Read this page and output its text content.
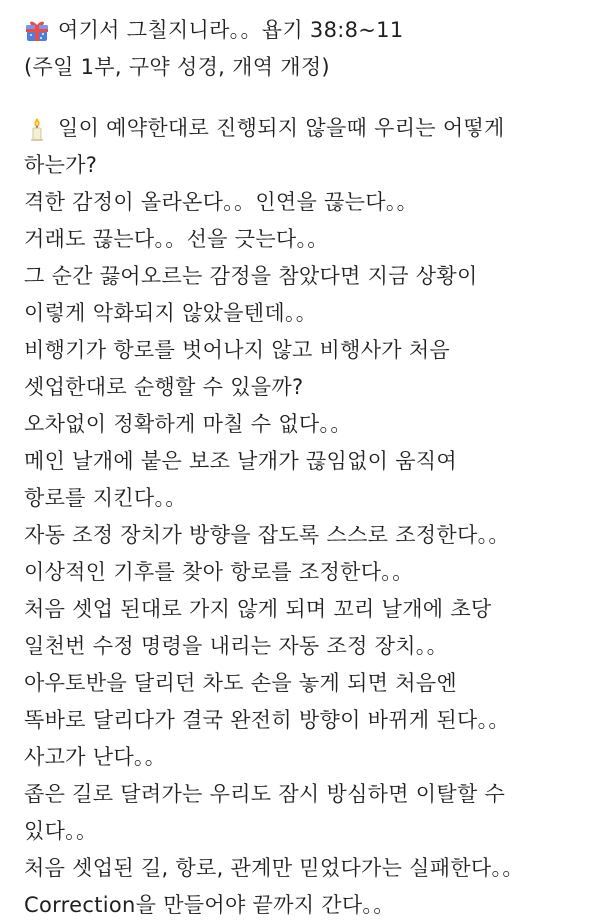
여기서 그칠지니라。。욥기 38:8~11
(주일 1부, 구약 성경, 개역 개정)
일이 예약한대로 진행되지 않을때 우리는 어떻게
하는가?
격한 감정이 올라온다。。인연을 끊는다。。
거래도 끊는다。。선을 긋는다。。
그 순간 끓어오르는 감정을 참았다면 지금 상황이
이렇게 악화되지 않았을텐데。。
비행기가 항로를 벗어나지 않고 비행사가 처음
셋업한대로 순행할 수 있을까?
오차없이 정확하게 마칠 수 없다。。
메인 날개에 붙은 보조 날개가 끊임없이 움직여
항로를 지킨다。。
자동 조정 장치가 방향을 잡도록 스스로 조정한다。。
이상적인 기후를 찾아 항로를 조정한다。。
처음 셋업 된대로 가지 않게 되며 꼬리 날개에 초당
일천번 수정 명령을 내리는 자동 조정 장치。。
아우토반을 달리던 차도 손을 놓게 되면 처음엔
똑바로 달리다가 결국 완전히 방향이 바뀌게 된다。。
사고가 난다。。
좁은 길로 달려가는 우리도 잠시 방심하면 이탈할 수
있다。。
처음 셋업된 길, 항로, 관계만 믿었다가는 실패한다。。
Correction을 만들어야 끝까지 간다。。
